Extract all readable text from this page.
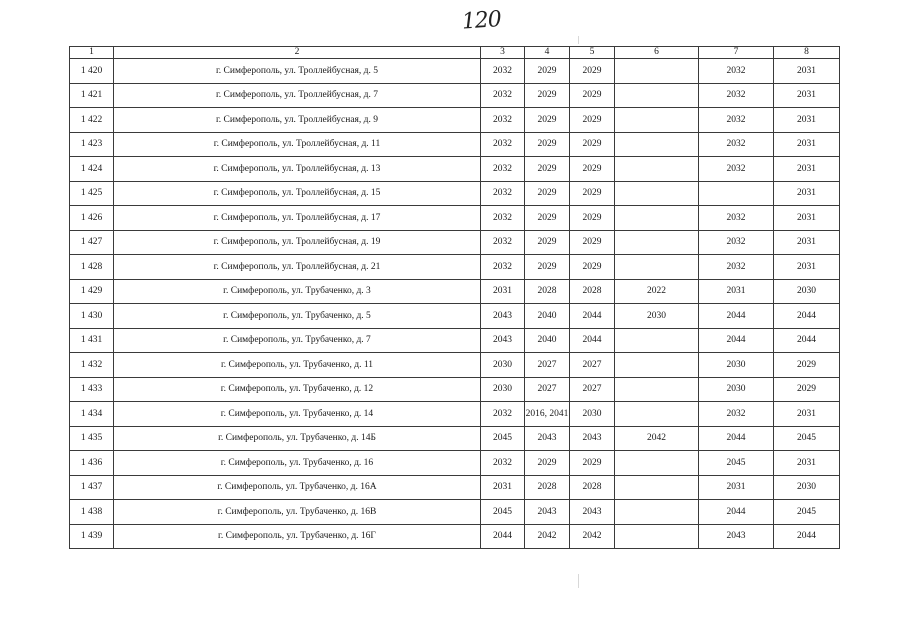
120
1	2	3	4	5	6	7	8
1 420	г. Симферополь, ул. Троллейбусная, д. 5	2032	2029	2029		2032	2031
1 421	г. Симферополь, ул. Троллейбусная, д. 7	2032	2029	2029		2032	2031
1 422	г. Симферополь, ул. Троллейбусная, д. 9	2032	2029	2029		2032	2031
1 423	г. Симферополь, ул. Троллейбусная, д. 11	2032	2029	2029		2032	2031
1 424	г. Симферополь, ул. Троллейбусная, д. 13	2032	2029	2029		2032	2031
1 425	г. Симферополь, ул. Троллейбусная, д. 15	2032	2029	2029			2031
1 426	г. Симферополь, ул. Троллейбусная, д. 17	2032	2029	2029		2032	2031
1 427	г. Симферополь, ул. Троллейбусная, д. 19	2032	2029	2029		2032	2031
1 428	г. Симферополь, ул. Троллейбусная, д. 21	2032	2029	2029		2032	2031
1 429	г. Симферополь, ул. Трубаченко, д. 3	2031	2028	2028	2022	2031	2030
1 430	г. Симферополь, ул. Трубаченко, д. 5	2043	2040	2044	2030	2044	2044
1 431	г. Симферополь, ул. Трубаченко, д. 7	2043	2040	2044		2044	2044
1 432	г. Симферополь, ул. Трубаченко, д. 11	2030	2027	2027		2030	2029
1 433	г. Симферополь, ул. Трубаченко, д. 12	2030	2027	2027		2030	2029
1 434	г. Симферополь, ул. Трубаченко, д. 14	2032	2016, 2041	2030		2032	2031
1 435	г. Симферополь, ул. Трубаченко, д. 14Б	2045	2043	2043	2042	2044	2045
1 436	г. Симферополь, ул. Трубаченко, д. 16	2032	2029	2029		2045	2031
1 437	г. Симферополь, ул. Трубаченко, д. 16А	2031	2028	2028		2031	2030
1 438	г. Симферополь, ул. Трубаченко, д. 16В	2045	2043	2043		2044	2045
1 439	г. Симферополь, ул. Трубаченко, д. 16Г	2044	2042	2042		2043	2044
